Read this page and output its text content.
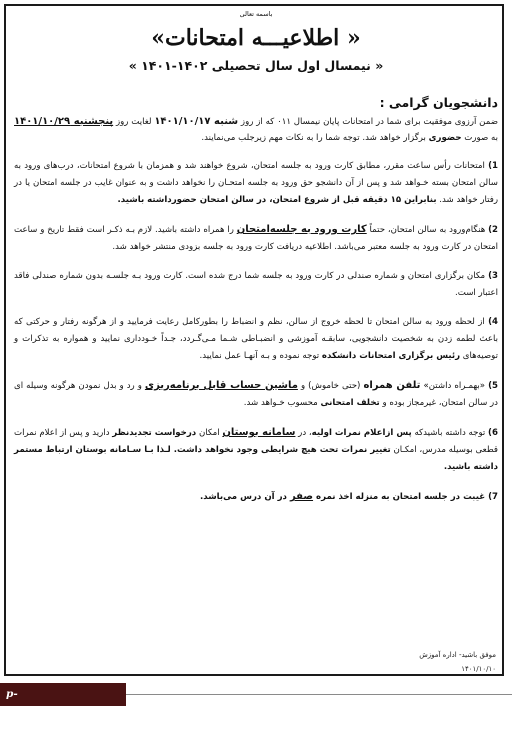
باسمه تعالی

« اطلاعیـــه امتحانات»

« نیمسال اول سال تحصیلی ۱۴۰۲-۱۴۰۱ »

دانشجویان گرامی :

ضمن آرزوی موفقیت برای شما در امتحانات پایان نیمسال ۰۱۱ که از روز شنبه ۱۴۰۱/۱۰/۱۷ لغایت روز پنجشنبه ۱۴۰۱/۱۰/۲۹ به صورت حضوری برگزار خواهد شد. توجه شما را به نکات مهم زیرجلب می‌نمایند.

1) امتحانات رأس ساعت مقرر، مطابق کارت ورود به جلسه امتحان، شروع خواهند شد و همزمان با شروع امتحانات، درب‌های ورود به سالن امتحان بسته خـواهد شد و پس از آن دانشجو حق ورود به جلسه امتحـان را نخواهد داشت و به عنوان غایب در جلسه امتحان یا در رفتار خواهد شد. بنابراین ۱۵ دقیقه قبل از شروع امتحان، در سالن امتحان حضورداشته باشید.

2) هنگام‌ورود به سالن امتحان، حتماً کارت ورود به جلسه‌امتحان را همراه داشته باشید. لازم بـه ذکـر است فقط تاریخ و ساعت امتحان در کارت ورود به جلسه معتبر می‌باشد. اطلاعیه دریافت کارت ورود به جلسه بزودی منتشر خواهد شد.

3) مکان برگزاری امتحان و شماره صندلی در کارت ورود به جلسه شما درج شده است. کارت ورود بـه جلسـه بدون شماره صندلی فاقد اعتبار است.

4) از لحظه ورود به سالن امتحان تا لحظه خروج از سالن، نظم و انضباط را بطورکامل رعایت فرمایید و از هرگونه رفتار و حرکتی که باعث لطمه زدن به شخصیت دانشجویی، سابقـه آموزشی و انضبـاطی شـما مـی‌گـردد، جـداً خـودداری نمایید و همواره به تذکرات و توصیه‌های رئیس برگزاری امتحانات دانشکده توجه نموده و بـه آنهـا عمل نمایید.

5) «بهمـراه داشتن» تلفن همراه (حتی خاموش) و ماشین حساب قابل برنامه‌ریزی و رد و بدل نمودن هرگونه وسیله ای در سالن امتحان، غیرمجاز بوده و تخلف امتحانی محسوب خـواهد شد.

6) توجه داشته باشیدکه پس ازاعلام نمرات اولیه، در سامانه بوستان امکان درخواست تجدیدنظر دارید و پس از اعلام نمرات قطعی بوسیله مدرس، امکـان تغییر نمرات تحت هیچ شرایطی وجود نخواهد داشت. لـذا بـا سـامانه بوستان ارتباط مستمر داشته باشید.

7) غیبت در جلسه امتحان به منزله اخذ نمره صفر در آن درس می‌باشد.

موفق باشید- اداره آموزش
۱۴۰۱/۱۰/۱۰
p-mamasani.nus.ac.ir
